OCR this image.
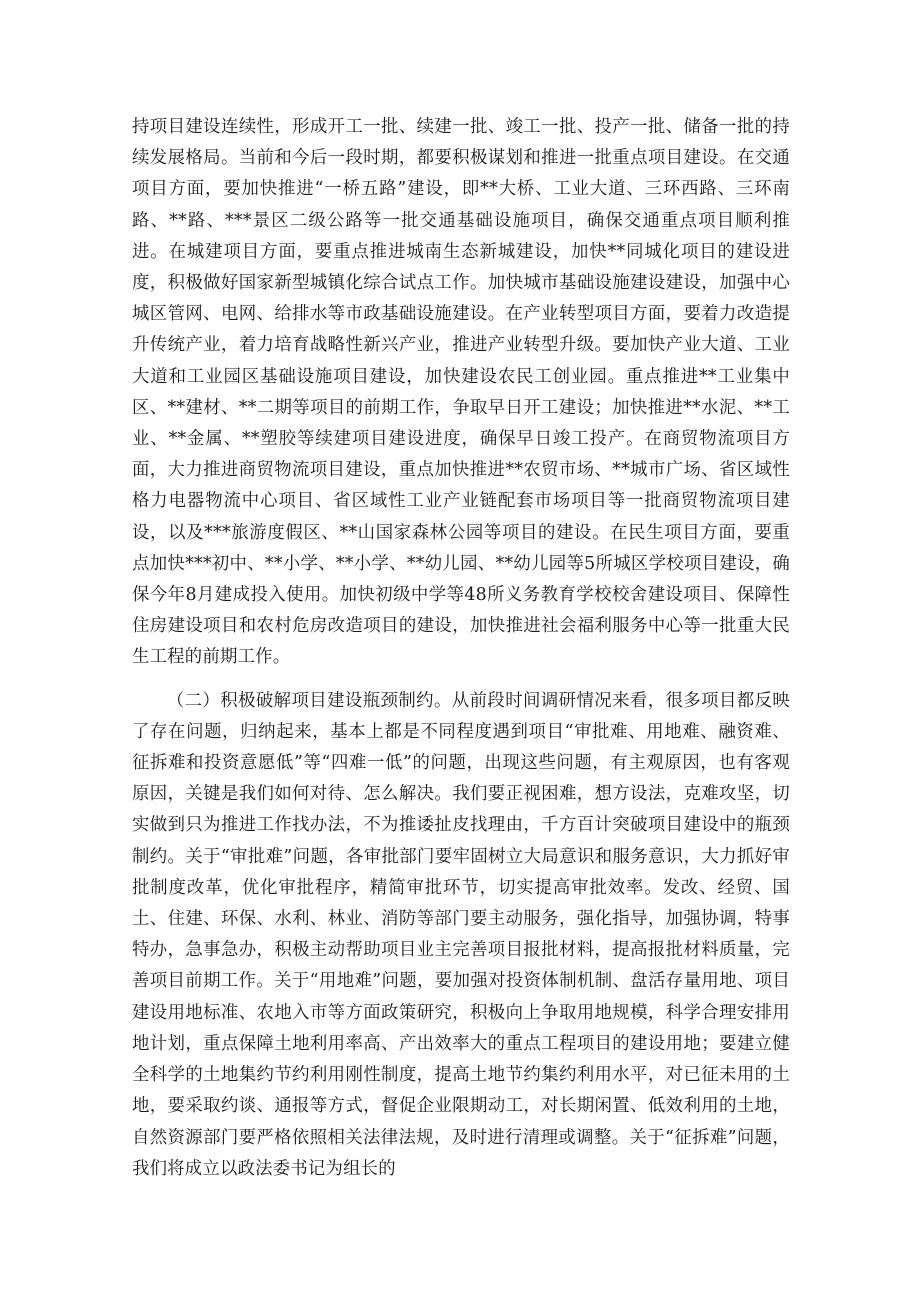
持项目建设连续性，形成开工一批、续建一批、竣工一批、投产一批、储备一批的持续发展格局。当前和今后一段时期，都要积极谋划和推进一批重点项目建设。在交通项目方面，要加快推进“一桥五路”建设，即**大桥、工业大道、三环西路、三环南路、**路、***景区二级公路等一批交通基础设施项目，确保交通重点项目顺利推进。在城建项目方面，要重点推进城南生态新城建设，加快**同城化项目的建设进度，积极做好国家新型城镇化综合试点工作。加快城市基础设施建设建设，加强中心城区管网、电网、给排水等市政基础设施建设。在产业转型项目方面，要着力改造提升传统产业，着力培育战略性新兴产业，推进产业转型升级。要加快产业大道、工业大道和工业园区基础设施项目建设，加快建设农民工创业园。重点推进**工业集中区、**建材、**二期等项目的前期工作，争取早日开工建设；加快推进**水泥、**工业、**金属、**塑胶等续建项目建设进度，确保早日竣工投产。在商贸物流项目方面，大力推进商贸物流项目建设，重点加快推进**农贸市场、**城市广场、省区域性格力电器物流中心项目、省区域性工业产业链配套市场项目等一批商贸物流项目建设，以及***旅游度假区、**山国家森林公园等项目的建设。在民生项目方面，要重点加快***初中、**小学、**小学、**幼儿园、**幼儿园等5所城区学校项目建设，确保今年8月建成投入使用。加快初级中学等48所义务教育学校校舍建设项目、保障性住房建设项目和农村危房改造项目的建设，加快推进社会福利服务中心等一批重大民生工程的前期工作。

（二）积极破解项目建设瓶颈制约。从前段时间调研情况来看，很多项目都反映了存在问题，归纳起来，基本上都是不同程度遇到项目“审批难、用地难、融资难、征拆难和投资意愿低”等“四难一低”的问题，出现这些问题，有主观原因，也有客观原因，关键是我们如何对待、怎么解决。我们要正视困难，想方设法，克难攻坚，切实做到只为推进工作找办法，不为推诿扯皮找理由，千方百计突破项目建设中的瓶颈制约。关于“审批难”问题，各审批部门要牢固树立大局意识和服务意识，大力抓好审批制度改革，优化审批程序，精简审批环节，切实提高审批效率。发改、经贸、国土、住建、环保、水利、林业、消防等部门要主动服务，强化指导，加强协调，特事特办，急事急办，积极主动帮助项目业主完善项目报批材料，提高报批材料质量，完善项目前期工作。关于“用地难”问题，要加强对投资体制机制、盘活存量用地、项目建设用地标准、农地入市等方面政策研究，积极向上争取用地规模，科学合理安排用地计划，重点保障土地利用率高、产出效率大的重点工程项目的建设用地；要建立健全科学的土地集约节约利用刚性制度，提高土地节约集约利用水平，对已征未用的土地，要采取约谈、通报等方式，督促企业限期动工，对长期闲置、低效利用的土地，自然资源部门要严格依照相关法律法规，及时进行清理或调整。关于“征拆难”问题，我们将成立以政法委书记为组长的
